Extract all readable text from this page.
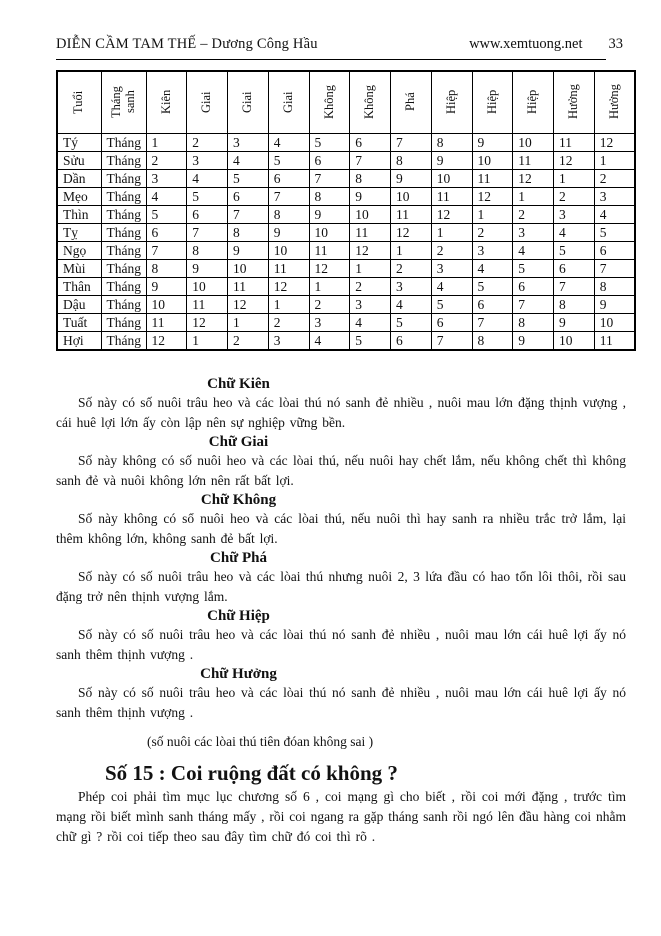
DIỄN CẦM TAM THẾ – Dương Công Hầu	www.xemtuong.net 33
Tuổi	Tháng sanh	Kiên	Giai	Giai	Giai	Không	Không	Phá	Hiệp	Hiệp	Hiệp	Hưởng	Hưởng

Tý	Tháng	1	2	3	4	5	6	7	8	9	10	11	12
Sửu	Tháng	2	3	4	5	6	7	8	9	10	11	12	1
Dần	Tháng	3	4	5	6	7	8	9	10	11	12	1	2
Mẹo	Tháng	4	5	6	7	8	9	10	11	12	1	2	3
Thìn	Tháng	5	6	7	8	9	10	11	12	1	2	3	4
Tỵ	Tháng	6	7	8	9	10	11	12	1	2	3	4	5
Ngọ	Tháng	7	8	9	10	11	12	1	2	3	4	5	6
Mùi	Tháng	8	9	10	11	12	1	2	3	4	5	6	7
Thân	Tháng	9	10	11	12	1	2	3	4	5	6	7	8
Dậu	Tháng	10	11	12	1	2	3	4	5	6	7	8	9
Tuất	Tháng	11	12	1	2	3	4	5	6	7	8	9	10
Hợi	Tháng	12	1	2	3	4	5	6	7	8	9	10	11
Chữ Kiên

Số này có số nuôi trâu heo và các lòai thú nó sanh đẻ nhiều , nuôi mau lớn đặng thịnh vượng , cái huê lợi lớn ấy còn lập nên sự nghiệp vững bền.

Chữ Giai

Số này không có số nuôi heo và các lòai thú, nếu nuôi hay chết lắm, nếu không chết thì không sanh đẻ và nuôi không lớn nên rất bất lợi.

Chữ Không

Số này không có sổ nuôi heo và các lòai thú, nếu nuôi thì hay sanh ra nhiều trắc trở lắm, lại thêm không lớn, không sanh đẻ bất lợi.

Chữ Phá

Số này có số nuôi trâu heo và các lòai thú nhưng nuôi 2, 3 lứa đầu có hao tổn lôi thôi, rồi sau đặng trở nên thịnh vượng lắm.

Chữ Hiệp

Số này có số nuôi trâu heo và các lòai thú nó sanh đẻ nhiều , nuôi mau lớn cái huê lợi ấy nó sanh thêm thịnh vượng .

Chữ Hưởng

Số này có số nuôi trâu heo và các lòai thú nó sanh đẻ nhiều , nuôi mau lớn cái huê lợi ấy nó sanh thêm thịnh vượng .

(số nuôi các lòai thú tiên đóan không sai )
Số 15 : Coi ruộng đất có không ?

Phép coi phải tìm mục lục chương số 6 , coi mạng gì cho biết , rồi coi mới đặng , trước tìm mạng rồi biết mình sanh tháng mấy , rồi coi ngang ra gặp tháng sanh rồi ngó lên đầu hàng coi nhằm chữ gì ? rồi coi tiếp theo sau đây tìm chữ đó coi thì rõ .
